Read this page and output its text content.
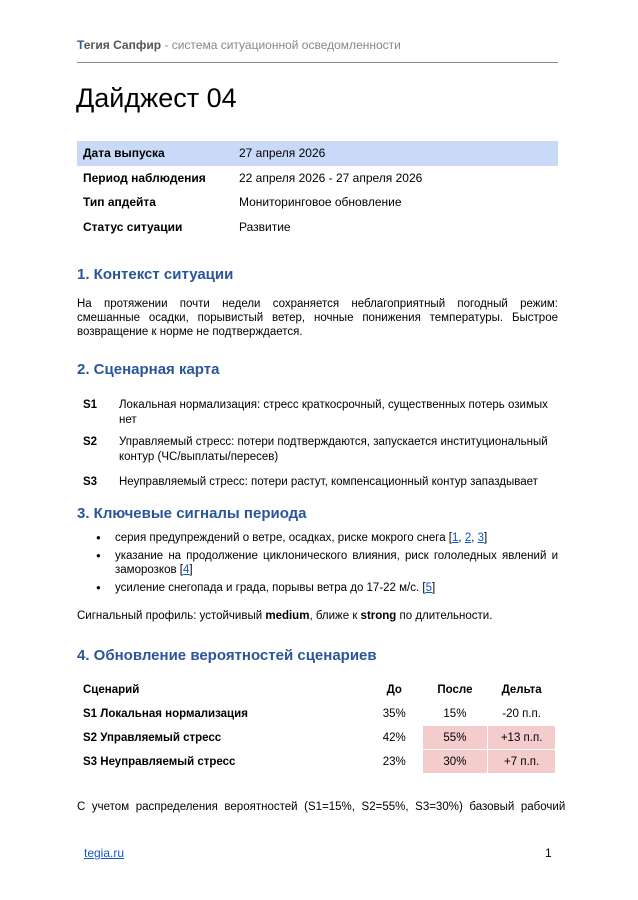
Тегия Сапфир - система ситуационной осведомленности
Дайджест 04
Дата выпуска	27 апреля 2026
Период наблюдения	22 апреля 2026 - 27 апреля 2026
Тип апдейта	Мониторинговое обновление
Статус ситуации	Развитие
1. Контекст ситуации

На протяжении почти недели сохраняется неблагоприятный погодный режим: смешанные осадки, порывистый ветер, ночные понижения температуры. Быстрое возвращение к норме не подтверждается.

2. Сценарная карта
S1 Локальная нормализация: стресс краткосрочный, существенных потерь озимых нет
S2 Управляемый стресс: потери подтверждаются, запускается институциональный контур (ЧС/выплаты/пересев)
S3 Неуправляемый стресс: потери растут, компенсационный контур запаздывает
3. Ключевые сигналы периода
● серия предупреждений о ветре, осадках, риске мокрого снега [1, 2, 3]
● указание на продолжение циклонического влияния, риск гололедных явлений и заморозков [4]
● усиление снегопада и града, порывы ветра до 17-22 м/с. [5]

Сигнальный профиль: устойчивый medium, ближе к strong по длительности.

4. Обновление вероятностей сценариев
Сценарий	До	После	Дельта
S1 Локальная нормализация	35%	15%	-20 п.п.
S2 Управляемый стресс	42%	55%	+13 п.п.
S3 Неуправляемый стресс	23%	30%	+7 п.п.

С учетом распределения вероятностей (S1=15%, S2=55%, S3=30%) базовый рабочий

tegia.ru	1
